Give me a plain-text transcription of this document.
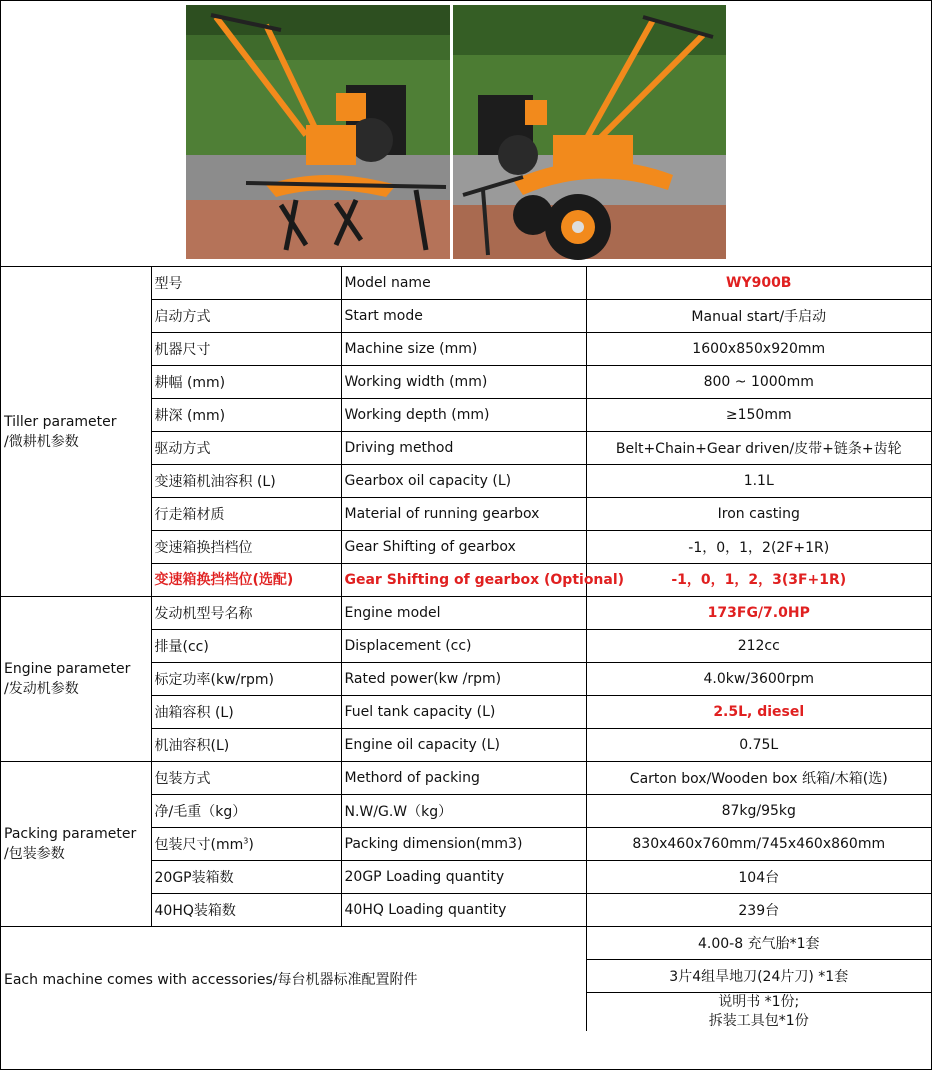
Tiller parameter
/微耕机参数	型号	Model name	WY900B
	启动方式	Start mode	Manual start/手启动
	机器尺寸	Machine size (mm)	1600x850x920mm
	耕幅 (mm)	Working width (mm)	800 ~ 1000mm
	耕深 (mm)	Working depth (mm)	≥150mm
	驱动方式	Driving method	Belt+Chain+Gear driven/皮带+链条+齿轮
	变速箱机油容积 (L)	Gearbox oil capacity (L)	1.1L
	行走箱材质	Material of running gearbox	Iron casting
	变速箱换挡档位	Gear Shifting of gearbox	-1，0，1，2(2F+1R)
	变速箱换挡档位(选配)	Gear Shifting of gearbox (Optional)	-1，0，1，2，3(3F+1R)
Engine parameter
/发动机参数	发动机型号名称	Engine model	173FG/7.0HP
	排量(cc)	Displacement (cc)	212cc
	标定功率(kw/rpm)	Rated power(kw /rpm)	4.0kw/3600rpm
	油箱容积 (L)	Fuel tank capacity (L)	2.5L, diesel
	机油容积(L)	Engine oil capacity (L)	0.75L
Packing parameter
/包装参数	包装方式	Methord of packing	Carton box/Wooden box 纸箱/木箱(选)
	净/毛重（kg）	N.W/G.W（kg）	87kg/95kg
	包装尺寸$(mm^3)$	Packing dimension(mm3)	830x460x760mm/745x460x860mm
	20GP装箱数	20GP Loading quantity	104台
	40HQ装箱数	40HQ Loading quantity	239台
Each machine comes with accessories/每台机器标准配置附件			4.00-8 充气胎*1套
			3片4组旱地刀(24片刀) *1套
			说明书 *1份;
拆装工具包*1份
